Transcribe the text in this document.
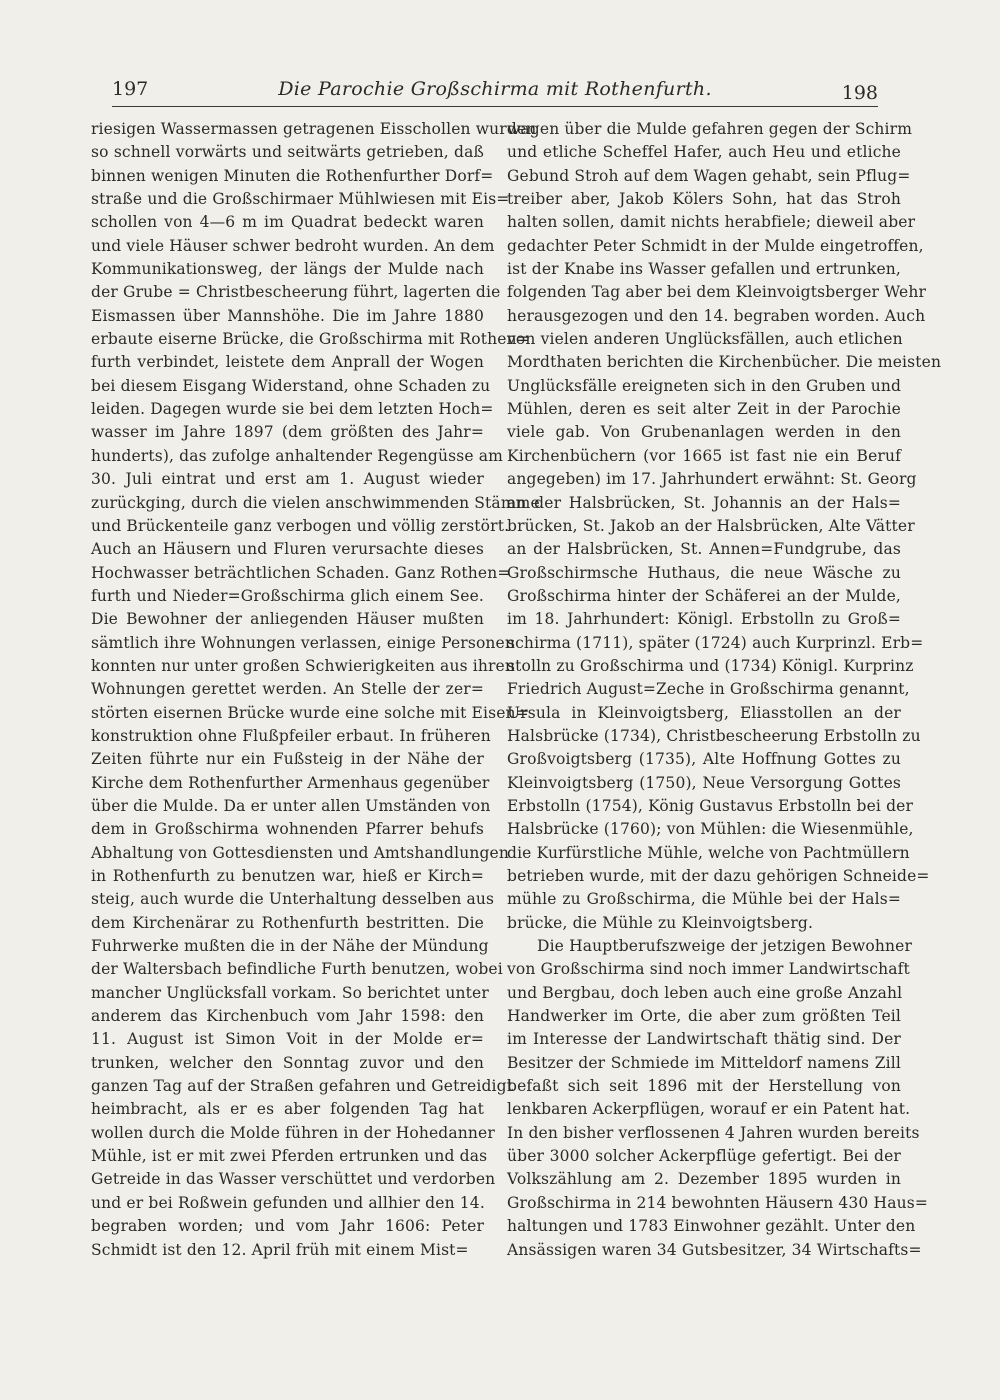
197	Die Parochie Großschirma mit Rothenfurth.	198
riesigen Wassermassen getragenen Eisschollen wurden
so schnell vorwärts und seitwärts getrieben, daß
binnen wenigen Minuten die Rothenfurther Dorf=
straße und die Großschirmaer Mühlwiesen mit Eis=
schollen von 4—6 m im Quadrat bedeckt waren
und viele Häuser schwer bedroht wurden. An dem
Kommunikationsweg, der längs der Mulde nach
der Grube = Christbescheerung führt, lagerten die
Eismassen über Mannshöhe. Die im Jahre 1880
erbaute eiserne Brücke, die Großschirma mit Rothen=
furth verbindet, leistete dem Anprall der Wogen
bei diesem Eisgang Widerstand, ohne Schaden zu
leiden. Dagegen wurde sie bei dem letzten Hoch=
wasser im Jahre 1897 (dem größten des Jahr=
hunderts), das zufolge anhaltender Regengüsse am
30. Juli eintrat und erst am 1. August wieder
zurückging, durch die vielen anschwimmenden Stämme
und Brückenteile ganz verbogen und völlig zerstört.
Auch an Häusern und Fluren verursachte dieses
Hochwasser beträchtlichen Schaden. Ganz Rothen=
furth und Nieder=Großschirma glich einem See.
Die Bewohner der anliegenden Häuser mußten
sämtlich ihre Wohnungen verlassen, einige Personen
konnten nur unter großen Schwierigkeiten aus ihren
Wohnungen gerettet werden. An Stelle der zer=
störten eisernen Brücke wurde eine solche mit Eisen=
konstruktion ohne Flußpfeiler erbaut. In früheren
Zeiten führte nur ein Fußsteig in der Nähe der
Kirche dem Rothenfurther Armenhaus gegenüber
über die Mulde. Da er unter allen Umständen von
dem in Großschirma wohnenden Pfarrer behufs
Abhaltung von Gottesdiensten und Amtshandlungen
in Rothenfurth zu benutzen war, hieß er Kirch=
steig, auch wurde die Unterhaltung desselben aus
dem Kirchenärar zu Rothenfurth bestritten. Die
Fuhrwerke mußten die in der Nähe der Mündung
der Waltersbach befindliche Furth benutzen, wobei
mancher Unglücksfall vorkam. So berichtet unter
anderem das Kirchenbuch vom Jahr 1598: den
11. August ist Simon Voit in der Molde er=
trunken, welcher den Sonntag zuvor und den
ganzen Tag auf der Straßen gefahren und Getreidigt
heimbracht, als er es aber folgenden Tag hat
wollen durch die Molde führen in der Hohedanner
Mühle, ist er mit zwei Pferden ertrunken und das
Getreide in das Wasser verschüttet und verdorben
und er bei Roßwein gefunden und allhier den 14.
begraben worden; und vom Jahr 1606: Peter
Schmidt ist den 12. April früh mit einem Mist=
wagen über die Mulde gefahren gegen der Schirm
und etliche Scheffel Hafer, auch Heu und etliche
Gebund Stroh auf dem Wagen gehabt, sein Pflug=
treiber aber, Jakob Kölers Sohn, hat das Stroh
halten sollen, damit nichts herabfiele; dieweil aber
gedachter Peter Schmidt in der Mulde eingetroffen,
ist der Knabe ins Wasser gefallen und ertrunken,
folgenden Tag aber bei dem Kleinvoigtsberger Wehr
herausgezogen und den 14. begraben worden. Auch
von vielen anderen Unglücksfällen, auch etlichen
Mordthaten berichten die Kirchenbücher. Die meisten
Unglücksfälle ereigneten sich in den Gruben und
Mühlen, deren es seit alter Zeit in der Parochie
viele gab. Von Grubenanlagen werden in den
Kirchenbüchern (vor 1665 ist fast nie ein Beruf
angegeben) im 17. Jahrhundert erwähnt: St. Georg
an der Halsbrücken, St. Johannis an der Hals=
brücken, St. Jakob an der Halsbrücken, Alte Vätter
an der Halsbrücken, St. Annen=Fundgrube, das
Großschirmsche Huthaus, die neue Wäsche zu
Großschirma hinter der Schäferei an der Mulde,
im 18. Jahrhundert: Königl. Erbstolln zu Groß=
schirma (1711), später (1724) auch Kurprinzl. Erb=
stolln zu Großschirma und (1734) Königl. Kurprinz
Friedrich August=Zeche in Großschirma genannt,
Ursula in Kleinvoigtsberg, Eliasstollen an der
Halsbrücke (1734), Christbescheerung Erbstolln zu
Großvoigtsberg (1735), Alte Hoffnung Gottes zu
Kleinvoigtsberg (1750), Neue Versorgung Gottes
Erbstolln (1754), König Gustavus Erbstolln bei der
Halsbrücke (1760); von Mühlen: die Wiesenmühle,
die Kurfürstliche Mühle, welche von Pachtmüllern
betrieben wurde, mit der dazu gehörigen Schneide=
mühle zu Großschirma, die Mühle bei der Hals=
brücke, die Mühle zu Kleinvoigtsberg.
Die Hauptberufszweige der jetzigen Bewohner
von Großschirma sind noch immer Landwirtschaft
und Bergbau, doch leben auch eine große Anzahl
Handwerker im Orte, die aber zum größten Teil
im Interesse der Landwirtschaft thätig sind. Der
Besitzer der Schmiede im Mitteldorf namens Zill
befaßt sich seit 1896 mit der Herstellung von
lenkbaren Ackerpflügen, worauf er ein Patent hat.
In den bisher verflossenen 4 Jahren wurden bereits
über 3000 solcher Ackerpflüge gefertigt. Bei der
Volkszählung am 2. Dezember 1895 wurden in
Großschirma in 214 bewohnten Häusern 430 Haus=
haltungen und 1783 Einwohner gezählt. Unter den
Ansässigen waren 34 Gutsbesitzer, 34 Wirtschafts=
